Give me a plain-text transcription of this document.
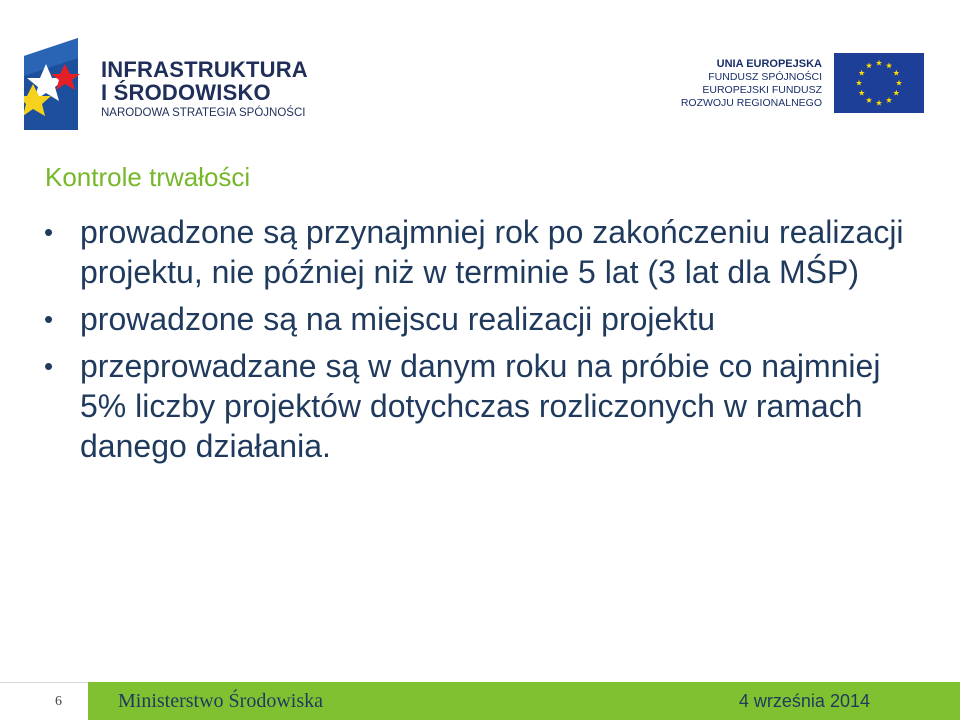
INFRASTRUKTURA
I ŚRODOWISKO
NARODOWA STRATEGIA SPÓJNOŚCI
UNIA EUROPEJSKA
FUNDUSZ SPÓJNOŚCI
EUROPEJSKI FUNDUSZ
ROZWOJU REGIONALNEGO
Kontrole trwałości
• prowadzone są przynajmniej rok po zakończeniu realizacji projektu, nie później niż w terminie 5 lat (3 lat dla MŚP)
• prowadzone są na miejscu realizacji projektu
• przeprowadzane są w danym roku na próbie co najmniej 5% liczby projektów dotychczas rozliczonych w ramach danego działania.
6	Ministerstwo Środowiska	4 września 2014
